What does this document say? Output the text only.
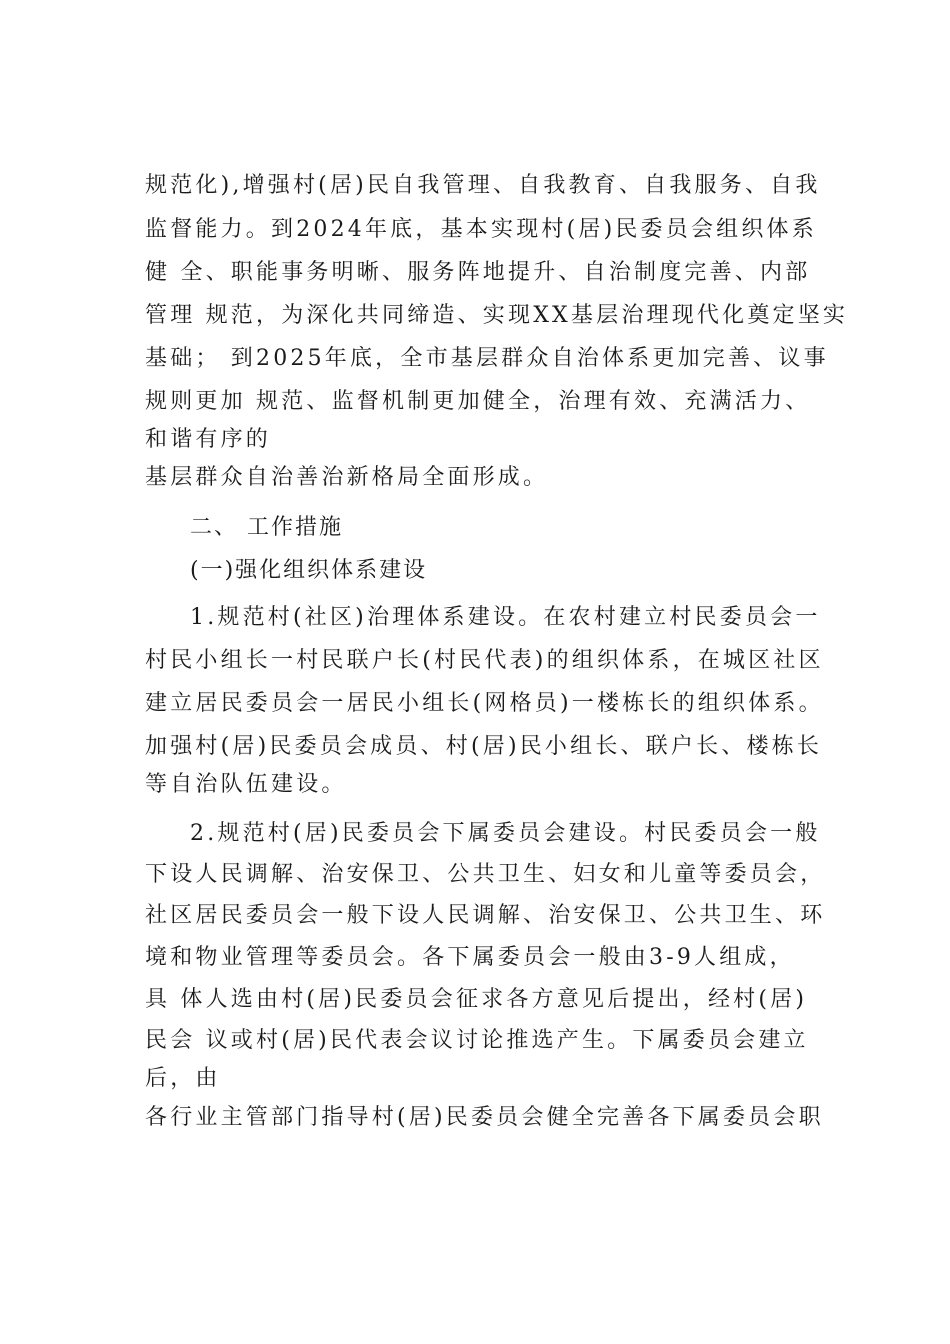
规范化),增强村(居)民自我管理、自我教育、自我服务、自我
监督能力。到2024年底，基本实现村(居)民委员会组织体系
健 全、职能事务明晰、服务阵地提升、自治制度完善、内部
管理 规范，为深化共同缔造、实现XX基层治理现代化奠定坚实
基础； 到2025年底，全市基层群众自治体系更加完善、议事
规则更加 规范、监督机制更加健全，治理有效、充满活力、
和谐有序的
基层群众自治善治新格局全面形成。
二、 工作措施
(一)强化组织体系建设
1.规范村(社区)治理体系建设。在农村建立村民委员会一
村民小组长一村民联户长(村民代表)的组织体系，在城区社区
建立居民委员会一居民小组长(网格员)一楼栋长的组织体系。
加强村(居)民委员会成员、村(居)民小组长、联户长、楼栋长
等自治队伍建设。
2.规范村(居)民委员会下属委员会建设。村民委员会一般
下设人民调解、治安保卫、公共卫生、妇女和儿童等委员会，
社区居民委员会一般下设人民调解、治安保卫、公共卫生、环
境和物业管理等委员会。各下属委员会一般由3-9人组成，
具 体人选由村(居)民委员会征求各方意见后提出，经村(居)
民会 议或村(居)民代表会议讨论推选产生。下属委员会建立
后，由
各行业主管部门指导村(居)民委员会健全完善各下属委员会职
